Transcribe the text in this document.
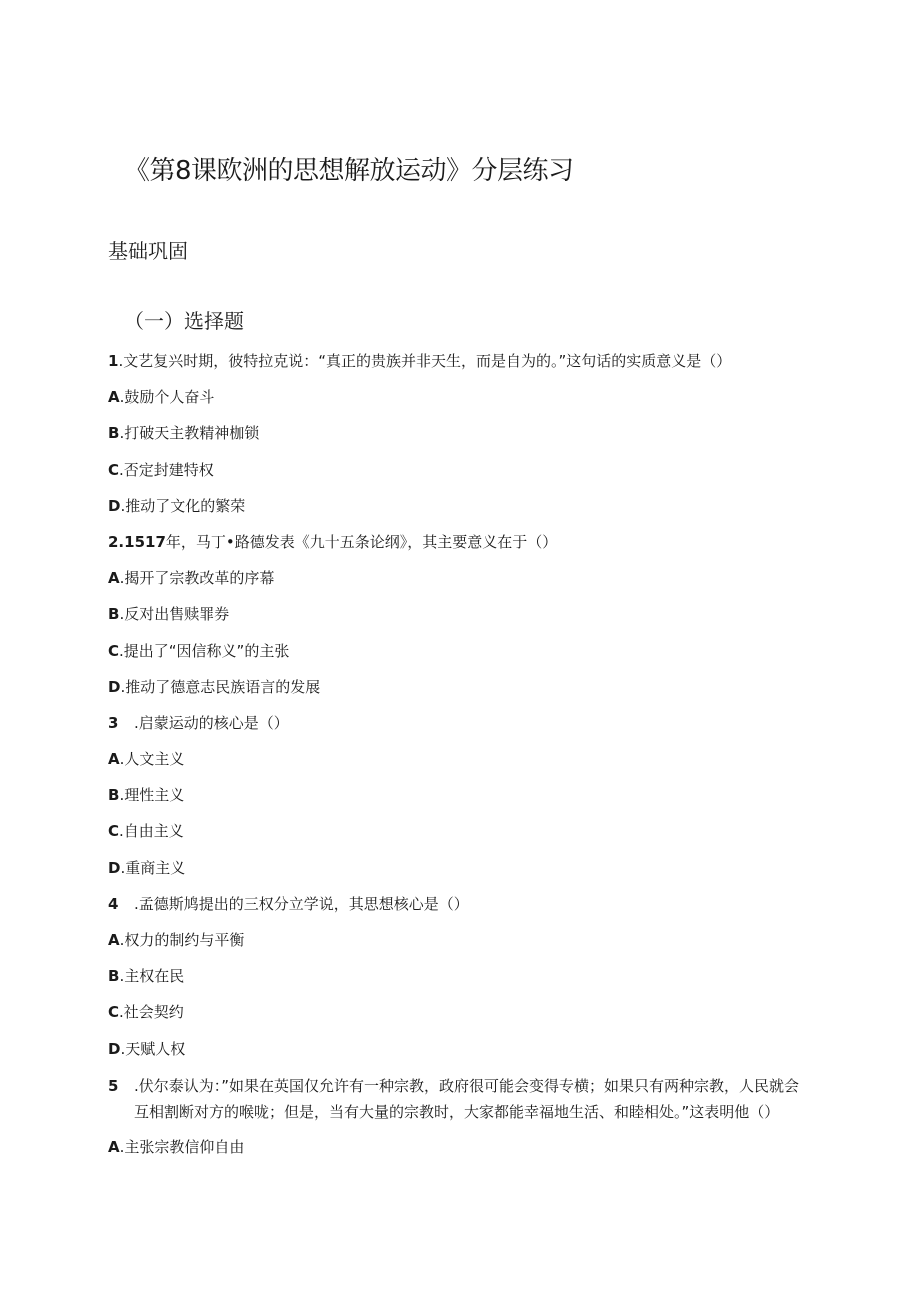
《第8课欧洲的思想解放运动》分层练习
基础巩固
（一）选择题
1.文艺复兴时期，彼特拉克说：“真正的贵族并非天生，而是自为的。”这句话的实质意义是（）
A.鼓励个人奋斗
B.打破天主教精神枷锁
C.否定封建特权
D.推动了文化的繁荣
2.1517年，马丁•路德发表《九十五条论纲》，其主要意义在于（）
A.揭开了宗教改革的序幕
B.反对出售赎罪券
C.提出了“因信称义”的主张
D.推动了德意志民族语言的发展
3 .启蒙运动的核心是（）
A.人文主义
B.理性主义
C.自由主义
D.重商主义
4 .孟德斯鸠提出的三权分立学说，其思想核心是（）
A.权力的制约与平衡
B.主权在民
C.社会契约
D.天赋人权
5	.伏尔泰认为：”如果在英国仅允许有一种宗教，政府很可能会变得专横；如果只有两种宗教，人民就会互相割断对方的喉咙；但是，当有大量的宗教时，大家都能幸福地生活、和睦相处。”这表明他（）
A.主张宗教信仰自由
